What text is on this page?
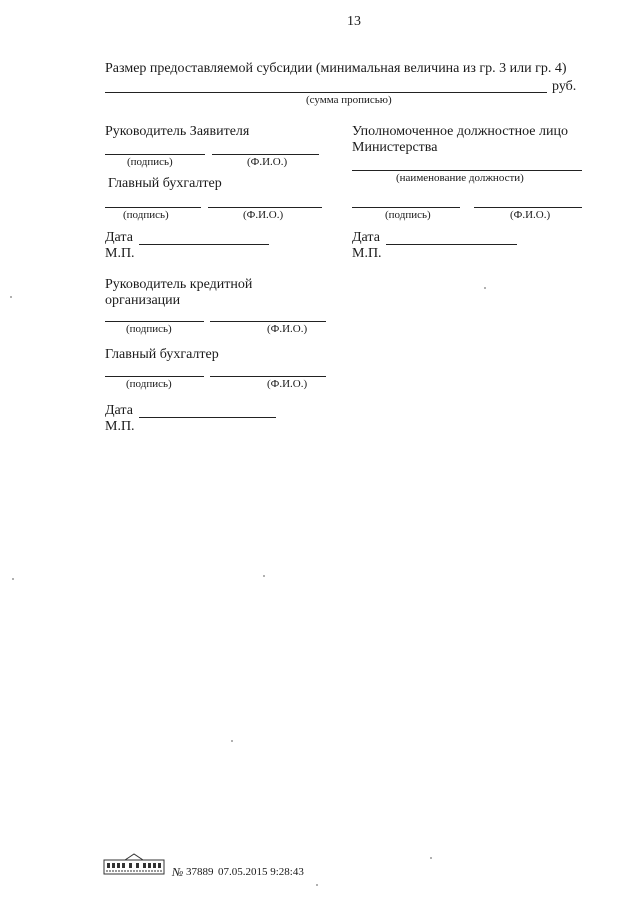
13
Размер предоставляемой субсидии (минимальная величина из гр. 3 или гр. 4)
руб.
(сумма прописью)
Руководитель Заявителя
(подпись)	(Ф.И.О.)
Главный бухгалтер
(подпись)	(Ф.И.О.)
Дата
М.П.
Уполномоченное должностное лицо Министерства
(наименование должности)
(подпись)	(Ф.И.О.)
Дата
М.П.
Руководитель кредитной
организации
(подпись)	(Ф.И.О.)
Главный бухгалтер
(подпись)	(Ф.И.О.)
Дата
М.П.
№ 37889 07.05.2015 9:28:43
